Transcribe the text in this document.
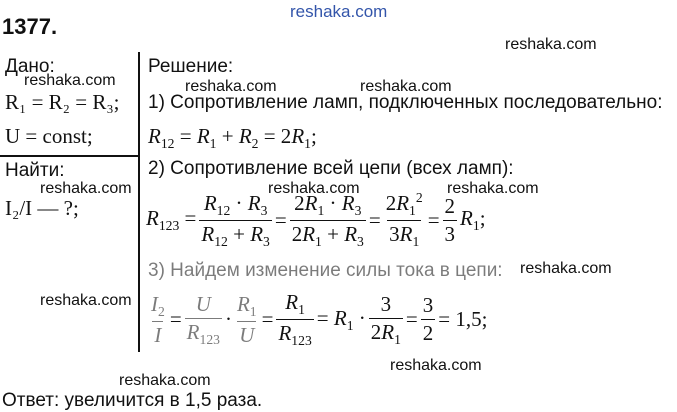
reshaka.com
reshaka.com
reshaka.com	reshaka.com	reshaka.com
reshaka.com	reshaka.com	reshaka.com
reshaka.com
reshaka.com
reshaka.com
reshaka.com
1377.
Дано:
R₁ = R₂ = R₃;
U = const;
Найти:
I₂/I — ?;
Решение:
1) Сопротивление ламп, подключенных последовательно:
$R_{12} = R_1 + R_2 = 2R_1$;
2) Сопротивление всей цепи (всех ламп):
$R_{123} = \frac{R_{12} \cdot R_3}{R_{12} + R_3} = \frac{2R_1 \cdot R_3}{2R_1 + R_3} = \frac{2R_1^2}{3R_1} = \frac{2}{3} R_1$;
3) Найдем изменение силы тока в цепи:
$\frac{I_2}{I} = \frac{U}{R_{123}} \cdot \frac{R_1}{U} = \frac{R_1}{R_{123}} = R_1 \cdot \frac{3}{2R_1} = \frac{3}{2} = 1,5$;
Ответ: увеличится в 1,5 раза.
